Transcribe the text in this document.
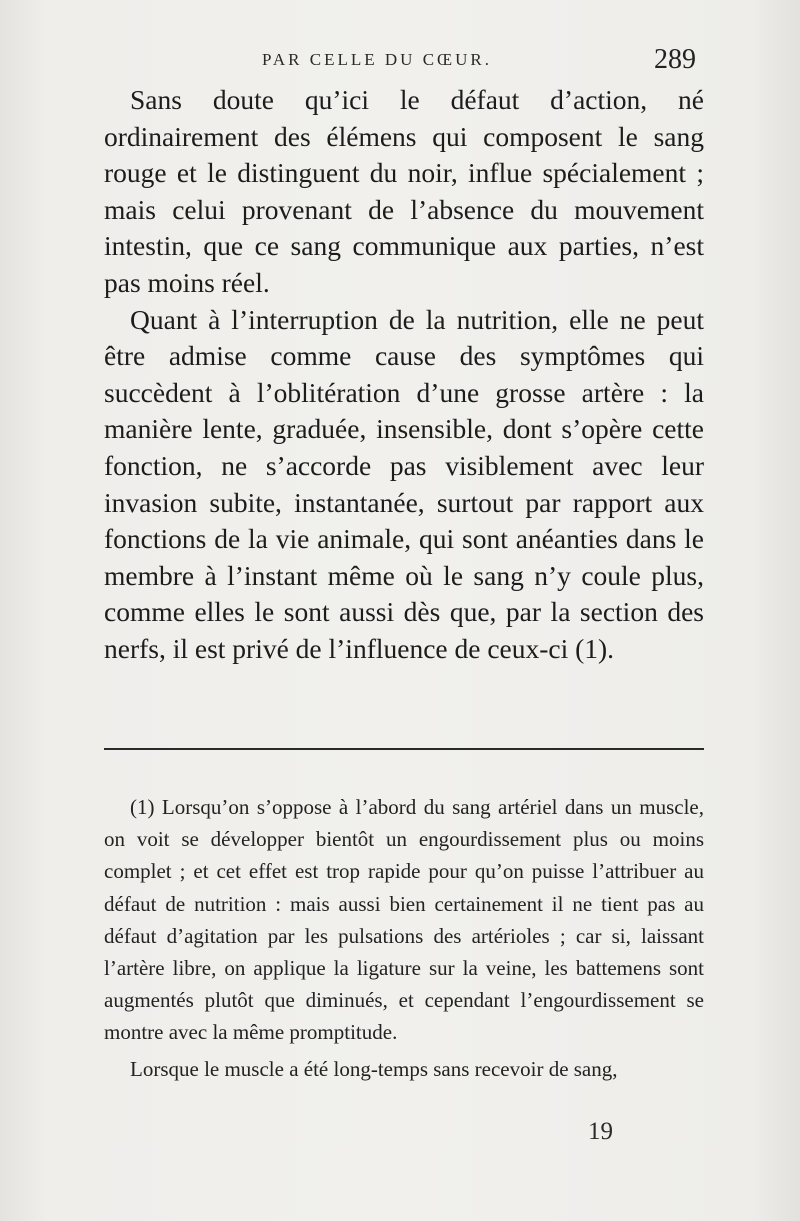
PAR CELLE DU CŒUR.	289

Sans doute qu’ici le défaut d’action, né ordinairement des élémens qui composent le sang rouge et le distinguent du noir, influe spécialement ; mais celui provenant de l’absence du mouvement intestin, que ce sang communique aux parties, n’est pas moins réel.

Quant à l’interruption de la nutrition, elle ne peut être admise comme cause des symptômes qui succèdent à l’oblitération d’une grosse artère : la manière lente, graduée, insensible, dont s’opère cette fonction, ne s’accorde pas visiblement avec leur invasion subite, instantanée, surtout par rapport aux fonctions de la vie animale, qui sont anéanties dans le membre à l’instant même où le sang n’y coule plus, comme elles le sont aussi dès que, par la section des nerfs, il est privé de l’influence de ceux-ci (1).

(1) Lorsqu’on s’oppose à l’abord du sang artériel dans un muscle, on voit se développer bientôt un engourdissement plus ou moins complet ; et cet effet est trop rapide pour qu’on puisse l’attribuer au défaut de nutrition : mais aussi bien certainement il ne tient pas au défaut d’agitation par les pulsations des artérioles ; car si, laissant l’artère libre, on applique la ligature sur la veine, les battemens sont augmentés plutôt que diminués, et cependant l’engourdissement se montre avec la même promptitude.

Lorsque le muscle a été long-temps sans recevoir de sang,

19
